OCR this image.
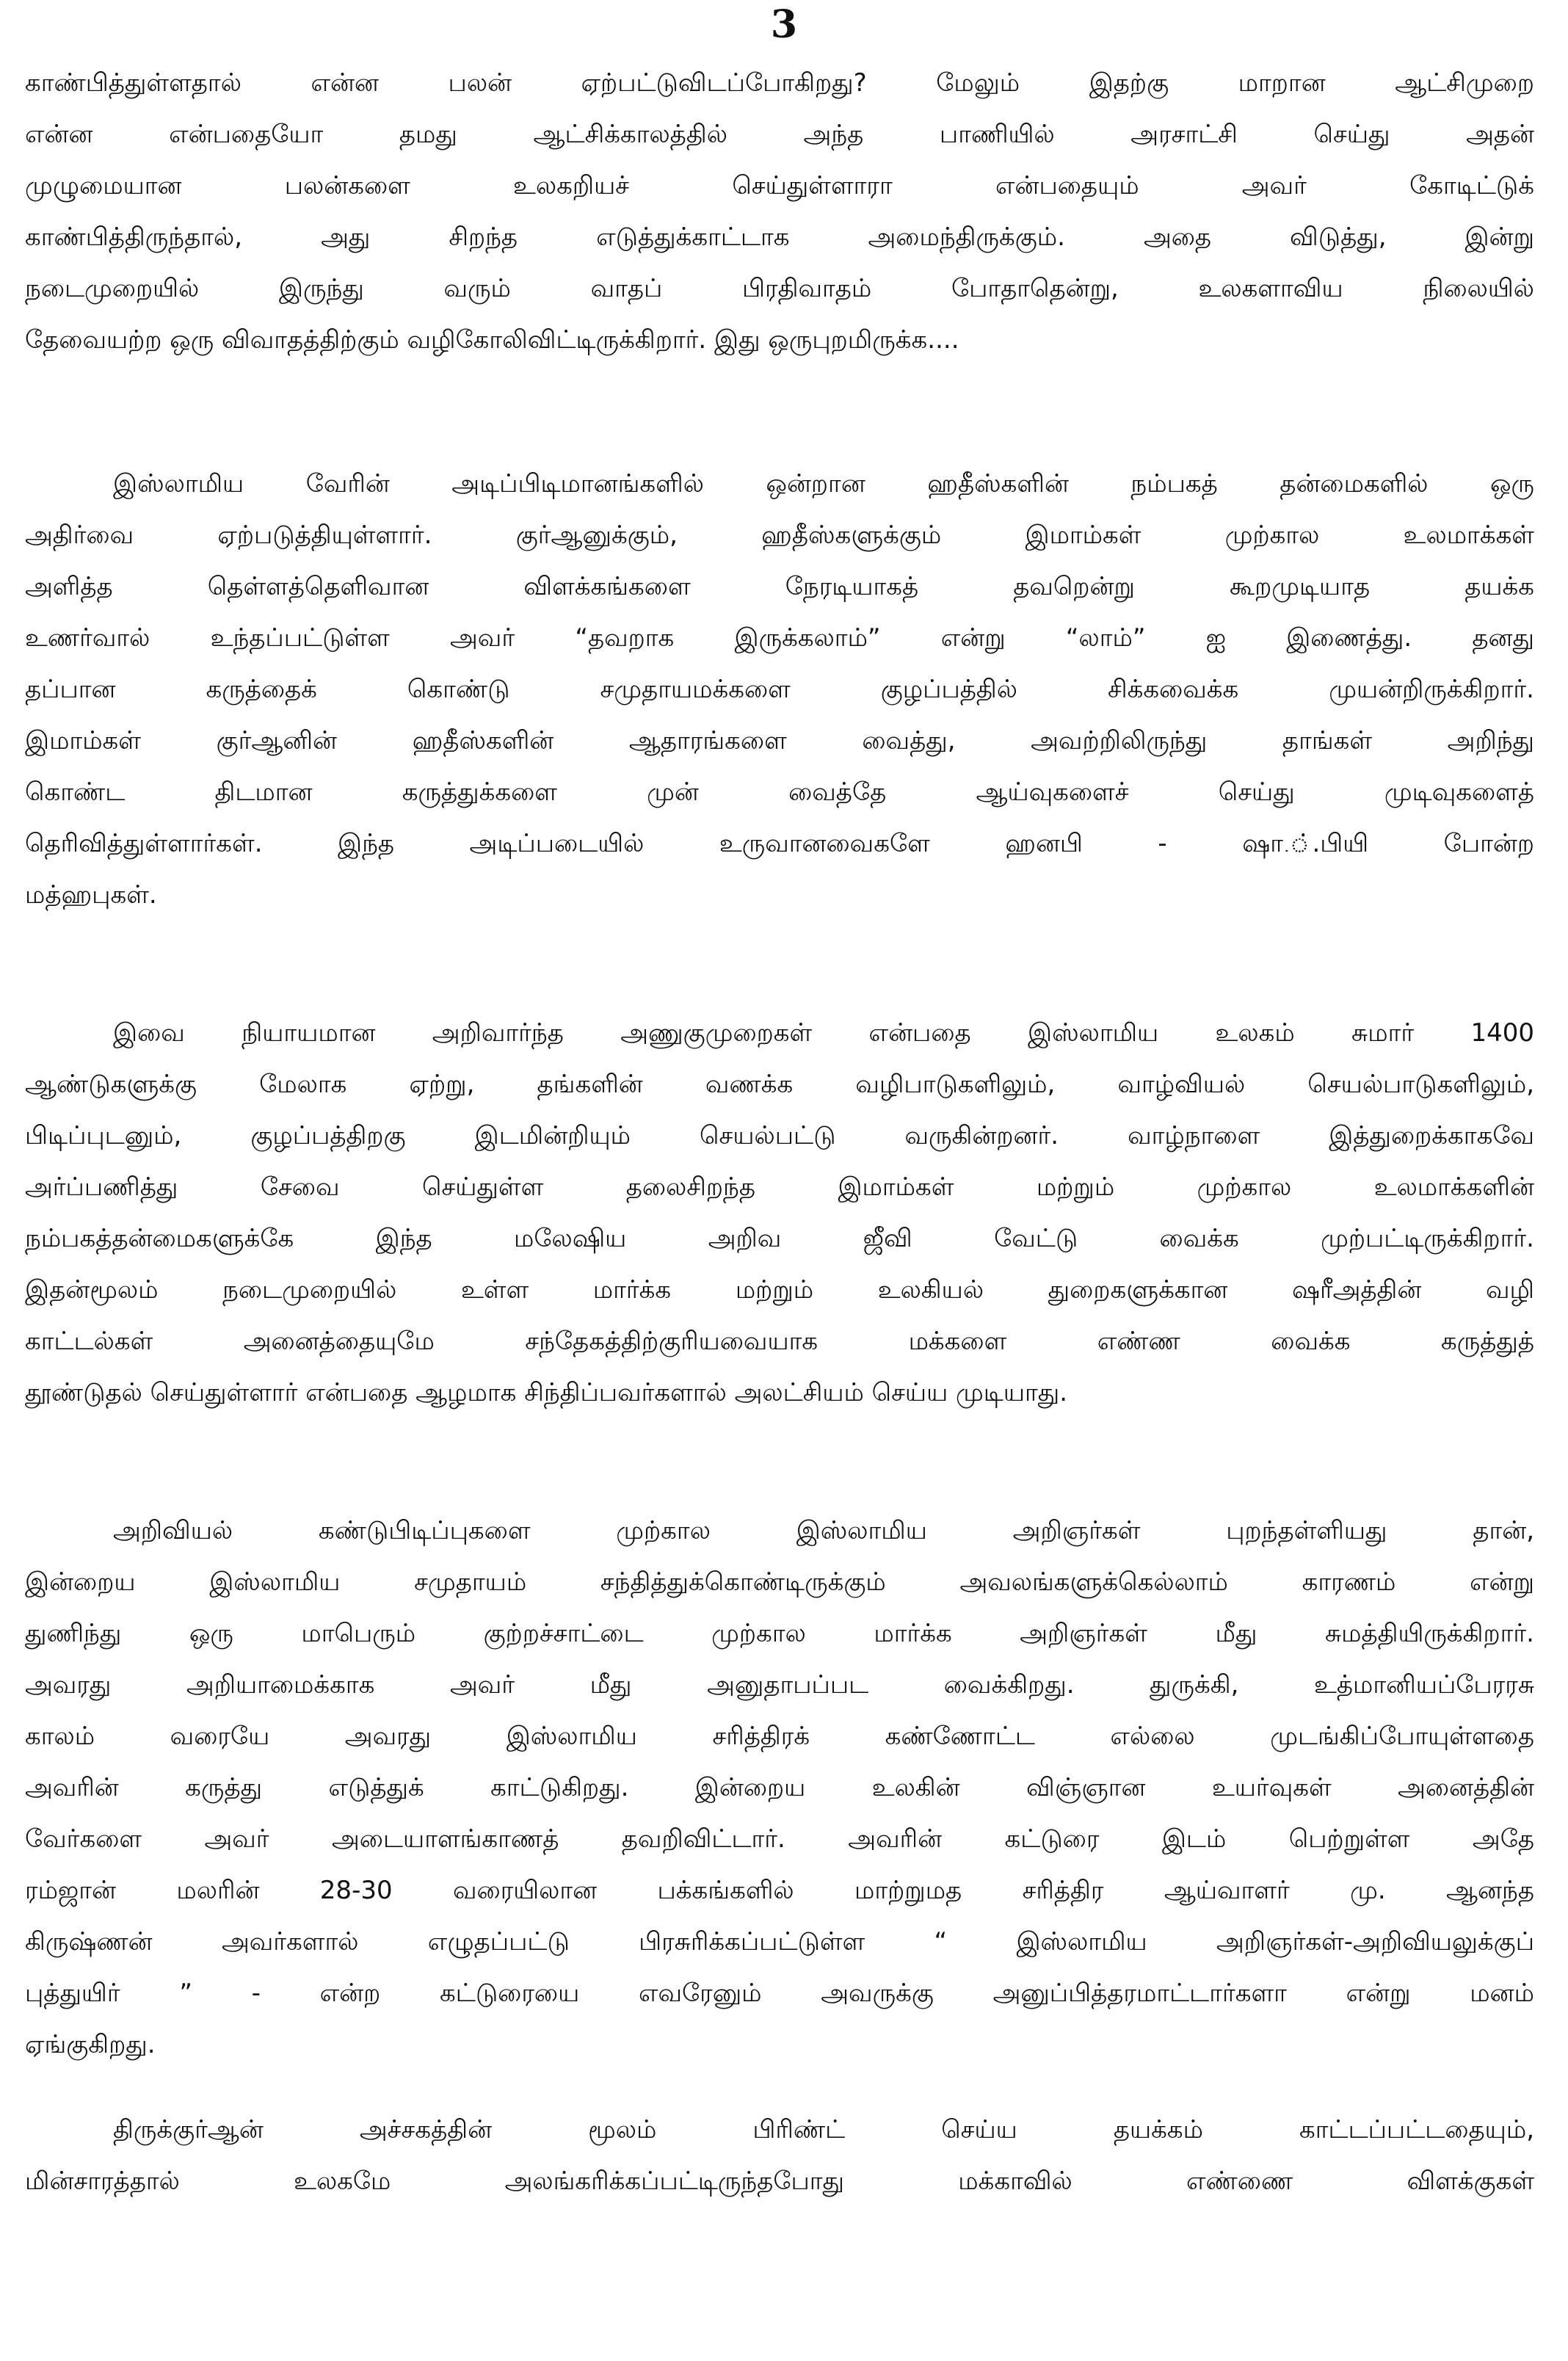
3
காண்பித்துள்ளதால் என்ன பலன் ஏற்பட்டுவிடப்போகிறது? மேலும் இதற்கு மாறான ஆட்சிமுறை
என்ன என்பதையோ தமது ஆட்சிக்காலத்தில் அந்த பாணியில் அரசாட்சி செய்து அதன்
முழுமையான பலன்களை உலகறியச் செய்துள்ளாரா என்பதையும் அவர் கோடிட்டுக்
காண்பித்திருந்தால், அது சிறந்த எடுத்துக்காட்டாக அமைந்திருக்கும். அதை விடுத்து, இன்று
நடைமுறையில் இருந்து வரும் வாதப் பிரதிவாதம் போதாதென்று, உலகளாவிய நிலையில்
தேவையற்ற ஒரு விவாதத்திற்கும் வழிகோலிவிட்டிருக்கிறார். இது ஒருபுறமிருக்க....
இஸ்லாமிய வேரின் அடிப்பிடிமானங்களில் ஒன்றான ஹதீஸ்களின் நம்பகத் தன்மைகளில் ஒரு
அதிர்வை ஏற்படுத்தியுள்ளார். குர்ஆனுக்கும், ஹதீஸ்களுக்கும் இமாம்கள் முற்கால உலமாக்கள்
அளித்த தெள்ளத்தெளிவான விளக்கங்களை நேரடியாகத் தவறென்று கூறமுடியாத தயக்க
உணர்வால் உந்தப்பட்டுள்ள அவர் “தவறாக இருக்கலாம்” என்று “லாம்” ஐ இணைத்து. தனது
தப்பான கருத்தைக் கொண்டு சமுதாயமக்களை குழப்பத்தில் சிக்கவைக்க முயன்றிருக்கிறார்.
இமாம்கள் குர்ஆனின் ஹதீஸ்களின் ஆதாரங்களை வைத்து, அவற்றிலிருந்து தாங்கள் அறிந்து
கொண்ட திடமான கருத்துக்களை முன் வைத்தே ஆய்வுகளைச் செய்து முடிவுகளைத்
தெரிவித்துள்ளார்கள். இந்த அடிப்படையில் உருவானவைகளே ஹனபி - ஷா.்.பியி போன்ற
மத்ஹபுகள்.
இவை நியாயமான அறிவார்ந்த அணுகுமுறைகள் என்பதை இஸ்லாமிய உலகம் சுமார் 1400
ஆண்டுகளுக்கு மேலாக ஏற்று, தங்களின் வணக்க வழிபாடுகளிலும், வாழ்வியல் செயல்பாடுகளிலும்,
பிடிப்புடனும், குழப்பத்திறகு இடமின்றியும் செயல்பட்டு வருகின்றனர். வாழ்நாளை இத்துறைக்காகவே
அர்ப்பணித்து சேவை செய்துள்ள தலைசிறந்த இமாம்கள் மற்றும் முற்கால உலமாக்களின்
நம்பகத்தன்மைகளுக்கே இந்த மலேஷிய அறிவ ஜீவி வேட்டு வைக்க முற்பட்டிருக்கிறார்.
இதன்மூலம் நடைமுறையில் உள்ள மார்க்க மற்றும் உலகியல் துறைகளுக்கான ஷரீஅத்தின் வழி
காட்டல்கள் அனைத்தையுமே சந்தேகத்திற்குரியவையாக மக்களை எண்ண வைக்க கருத்துத்
தூண்டுதல் செய்துள்ளார் என்பதை ஆழமாக சிந்திப்பவர்களால் அலட்சியம் செய்ய முடியாது.
அறிவியல் கண்டுபிடிப்புகளை முற்கால இஸ்லாமிய அறிஞர்கள் புறந்தள்ளியது தான்,
இன்றைய இஸ்லாமிய சமுதாயம் சந்தித்துக்கொண்டிருக்கும் அவலங்களுக்கெல்லாம் காரணம் என்று
துணிந்து ஒரு மாபெரும் குற்றச்சாட்டை முற்கால மார்க்க அறிஞர்கள் மீது சுமத்தியிருக்கிறார்.
அவரது அறியாமைக்காக அவர் மீது அனுதாபப்பட வைக்கிறது. துருக்கி, உத்மானியப்பேரரசு
காலம் வரையே அவரது இஸ்லாமிய சரித்திரக் கண்ணோட்ட எல்லை முடங்கிப்போயுள்ளதை
அவரின் கருத்து எடுத்துக் காட்டுகிறது. இன்றைய உலகின் விஞ்ஞான உயர்வுகள் அனைத்தின்
வேர்களை அவர் அடையாளங்காணத் தவறிவிட்டார். அவரின் கட்டுரை இடம் பெற்றுள்ள அதே
ரம்ஜான் மலரின் 28-30 வரையிலான பக்கங்களில் மாற்றுமத சரித்திர ஆய்வாளர் மு. ஆனந்த
கிருஷ்ணன் அவர்களால் எழுதப்பட்டு பிரசுரிக்கப்பட்டுள்ள “ இஸ்லாமிய அறிஞர்கள்-அறிவியலுக்குப்
புத்துயிர் ” - என்ற கட்டுரையை எவரேனும் அவருக்கு அனுப்பித்தரமாட்டார்களா என்று மனம்
ஏங்குகிறது.
திருக்குர்ஆன் அச்சகத்தின் மூலம் பிரிண்ட் செய்ய தயக்கம் காட்டப்பட்டதையும்,
மின்சாரத்தால் உலகமே அலங்கரிக்கப்பட்டிருந்தபோது மக்காவில் எண்ணை விளக்குகள்
